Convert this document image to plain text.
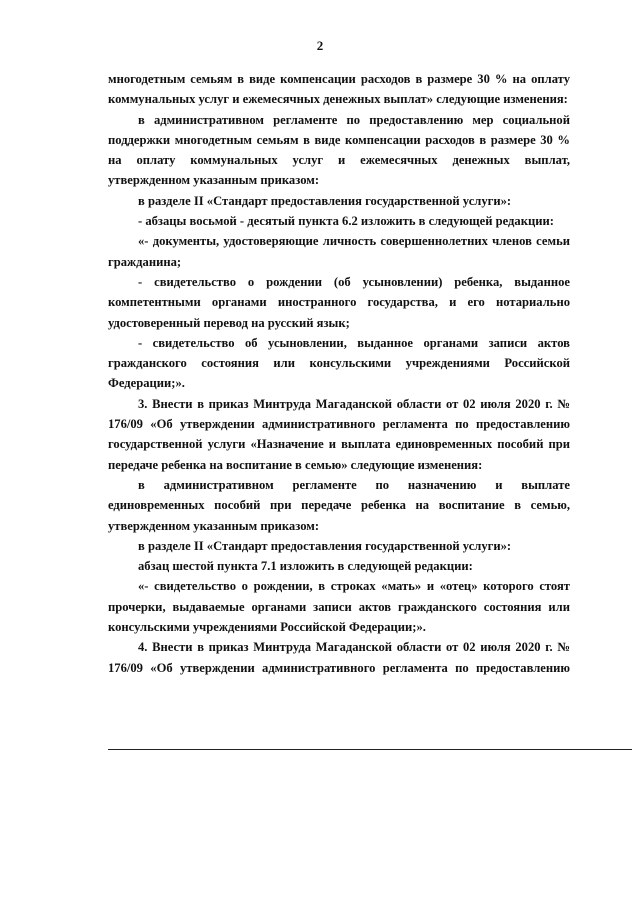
2

многодетным семьям в виде компенсации расходов в размере 30 % на оплату коммунальных услуг и ежемесячных денежных выплат» следующие изменения:

в административном регламенте по предоставлению мер социальной поддержки многодетным семьям в виде компенсации расходов в размере 30 % на оплату коммунальных услуг и ежемесячных денежных выплат, утвержденном указанным приказом:

в разделе II «Стандарт предоставления государственной услуги»:

- абзацы восьмой - десятый пункта 6.2 изложить в следующей редакции:

«- документы, удостоверяющие личность совершеннолетних членов семьи гражданина;

- свидетельство о рождении (об усыновлении) ребенка, выданное компетентными органами иностранного государства, и его нотариально удостоверенный перевод на русский язык;

- свидетельство об усыновлении, выданное органами записи актов гражданского состояния или консульскими учреждениями Российской Федерации;».

3. Внести в приказ Минтруда Магаданской области от 02 июля 2020 г. № 176/09 «Об утверждении административного регламента по предоставлению государственной услуги «Назначение и выплата единовременных пособий при передаче ребенка на воспитание в семью» следующие изменения:

в административном регламенте по назначению и выплате единовременных пособий при передаче ребенка на воспитание в семью, утвержденном указанным приказом:

в разделе II «Стандарт предоставления государственной услуги»:

абзац шестой пункта 7.1 изложить в следующей редакции:

«- свидетельство о рождении, в строках «мать» и «отец» которого стоят прочерки, выдаваемые органами записи актов гражданского состояния или консульскими учреждениями Российской Федерации;».

4. Внести в приказ Минтруда Магаданской области от 02 июля 2020 г. № 176/09 «Об утверждении административного регламента по предоставлению
